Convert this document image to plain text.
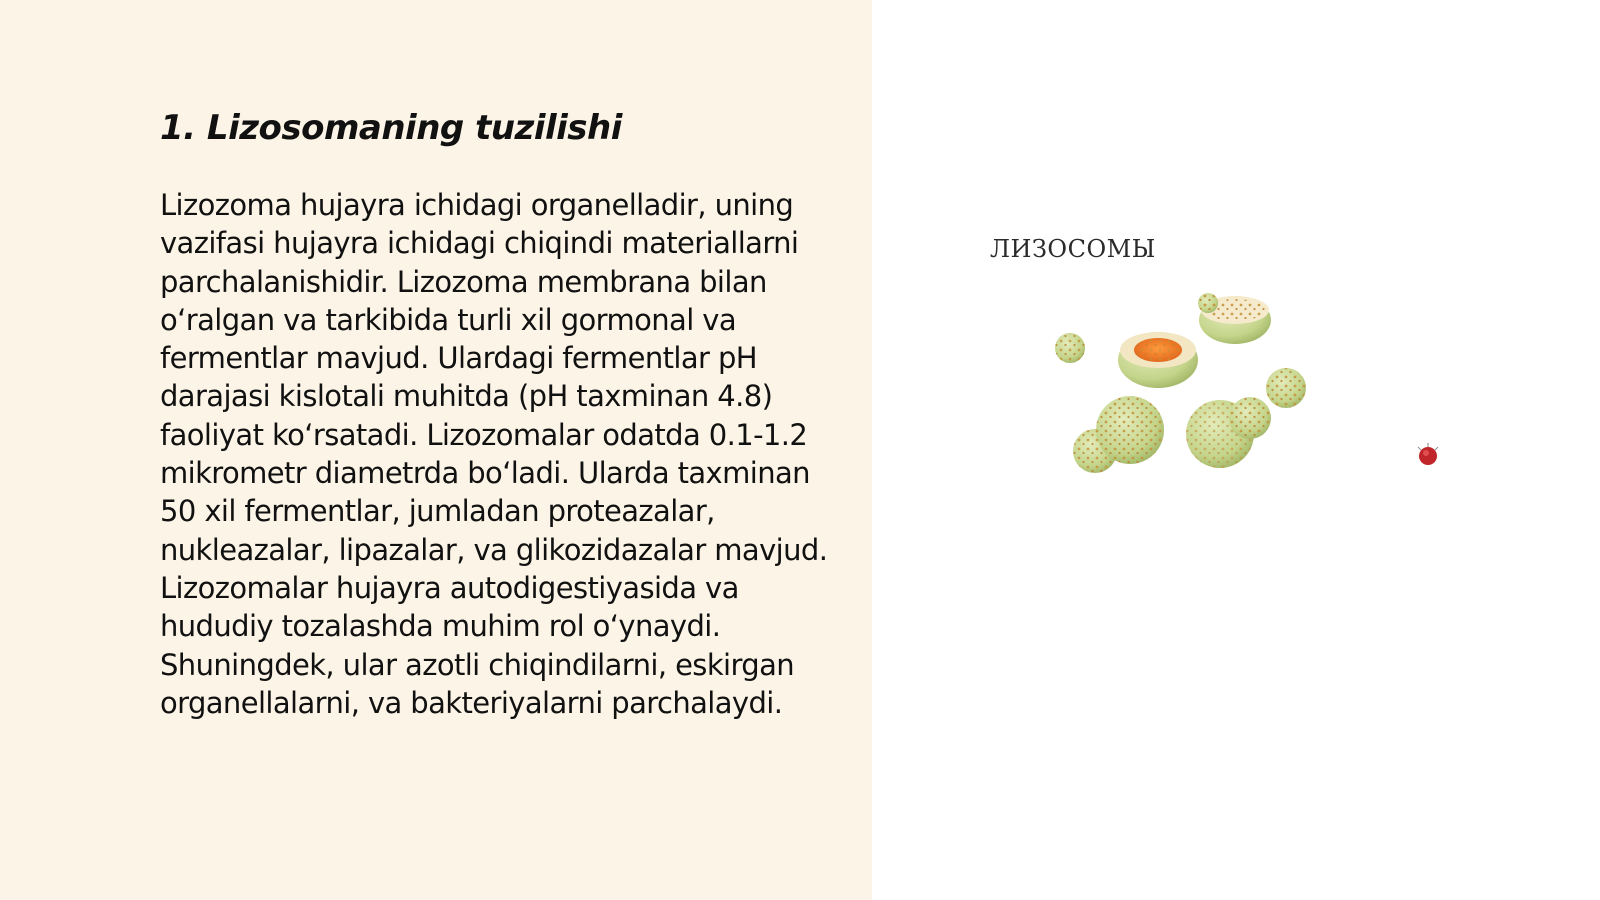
1. Lizosomaning tuzilishi

Lizozoma hujayra ichidagi organelladir, uning vazifasi hujayra ichidagi chiqindi materiallarni parchalanishidir. Lizozoma membrana bilan o‘ralgan va tarkibida turli xil gormonal va fermentlar mavjud. Ulardagi fermentlar pH darajasi kislotali muhitda (pH taxminan 4.8) faoliyat ko‘rsatadi. Lizozomalar odatda 0.1-1.2 mikrometr diametrda bo‘ladi. Ularda taxminan 50 xil fermentlar, jumladan proteazalar, nukleazalar, lipazalar, va glikozidazalar mavjud. Lizozomalar hujayra autodigestiyasida va hududiy tozalashda muhim rol o‘ynaydi. Shuningdek, ular azotli chiqindilarni, eskirgan organellalarni, va bakteriyalarni parchalaydi.

ЛИЗОСОМЫ
